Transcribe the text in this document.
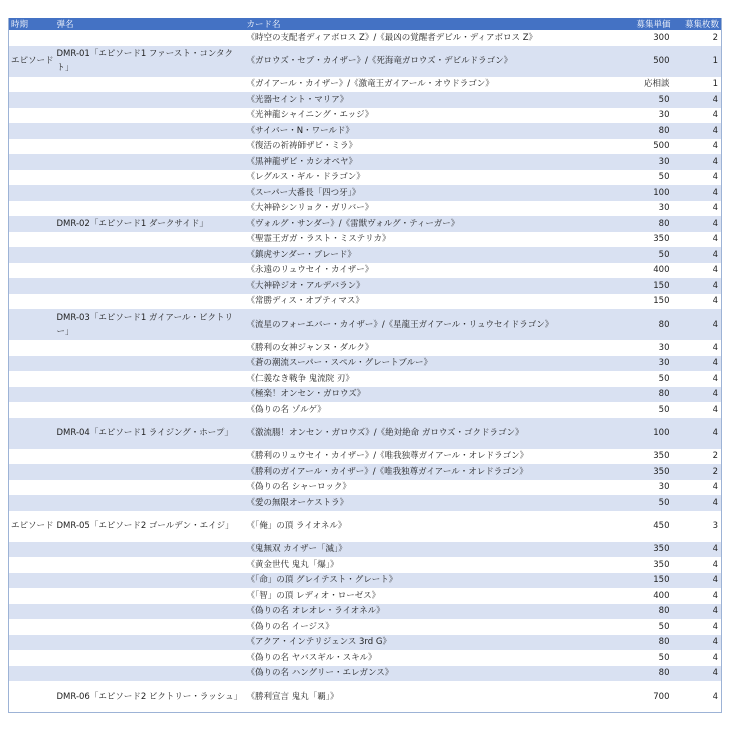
時期	弾名	カード名	募集単価	募集枚数
		《時空の支配者ディアボロス Z》/《最凶の覚醒者デビル・ディアボロス Z》	300	2
エピソード	DMR-01「エピソード1 ファースト・コンタクト」	《ガロウズ・セブ・カイザー》/《死海竜ガロウズ・デビルドラゴン》	500	1
		《ガイアール・カイザー》/《激竜王ガイアール・オウドラゴン》	応相談	1
		《光器セイント・マリア》	50	4
		《光神龍シャイニング・エッジ》	30	4
		《サイバー・N・ワールド》	80	4
		《復活の祈祷師ザビ・ミラ》	500	4
		《黒神龍ザビ・カシオペヤ》	30	4
		《レグルス・ギル・ドラゴン》	50	4
		《スーパー大番長「四つ牙」》	100	4
		《大神砕シンリョク・ガリバー》	30	4
	DMR-02「エピソード1 ダークサイド」	《ヴォルグ・サンダー》/《雷獣ヴォルグ・ティーガー》	80	4
		《聖霊王ガガ・ラスト・ミステリカ》	350	4
		《鎮虎サンダー・ブレード》	50	4
		《永遠のリュウセイ・カイザー》	400	4
		《大神砕ジオ・アルデバラン》	150	4
		《常勝ディス・オプティマス》	150	4
	DMR-03「エピソード1 ガイアール・ビクトリー」	《流星のフォーエバー・カイザー》/《星龍王ガイアール・リュウセイドラゴン》	80	4
		《勝利の女神ジャンヌ・ダルク》	30	4
		《蒼の潮流スーパー・スペル・グレートブルー》	30	4
		《仁義なき戦争 鬼流院 刃》	50	4
		《極楽！オンセン・ガロウズ》	80	4
		《偽りの名 ゾルゲ》	50	4
	DMR-04「エピソード1 ライジング・ホープ」	《激流腸！オンセン・ガロウズ》/《絶対絶命 ガロウズ・ゴクドラゴン》	100	4
		《勝利のリュウセイ・カイザー》/《唯我独尊ガイアール・オレドラゴン》	350	2
		《勝利のガイアール・カイザー》/《唯我独尊ガイアール・オレドラゴン》	350	2
		《偽りの名 シャーロック》	30	4
		《愛の無限オーケストラ》	50	4
エピソード	DMR-05「エピソード2 ゴールデン・エイジ」	《「俺」の頂 ライオネル》	450	3
		《鬼無双 カイザー「滅」》	350	4
		《黄金世代 鬼丸「爆」》	350	4
		《「命」の頂 グレイテスト・グレート》	150	4
		《「智」の頂 レディオ・ローゼス》	400	4
		《偽りの名 オレオレ・ライオネル》	80	4
		《偽りの名 イージス》	50	4
		《アクア・インテリジェンス 3rd G》	80	4
		《偽りの名 ヤバスギル・スキル》	50	4
		《偽りの名 ハングリー・エレガンス》	80	4
	DMR-06「エピソード2 ビクトリー・ラッシュ」	《勝利宣言 鬼丸「覇」》	700	4
